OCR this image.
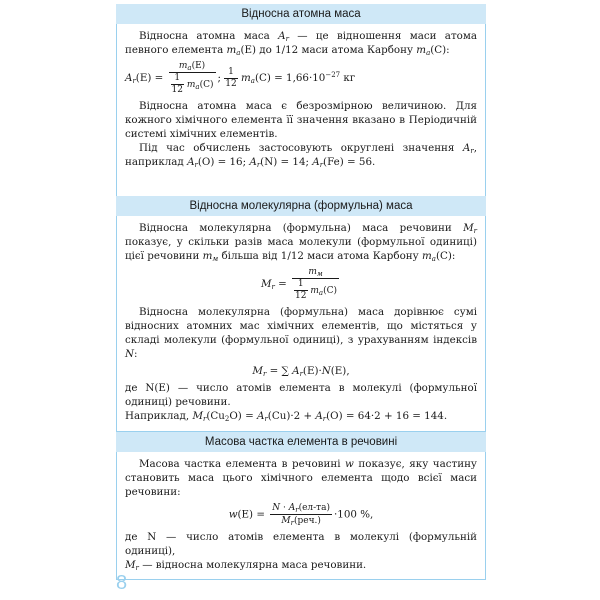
Відносна атомна маса

Відносна атомна маса $A_r$ — це відношення маси атома певного елемента $m_a(E)$ до 1/12 маси атома Карбону $m_a(C)$:

$A_r(E) = \frac{m_a(E)}{\frac{1}{12} m_a(C)}$ ; $\frac{1}{12} m_a(C) = 1,66\cdot 10^{-27}$ кг

Відносна атомна маса є безрозмірною величиною. Для кожного хімічного елемента її значення вказано в Періодичній системі хімічних елементів.

Під час обчислень застосовують округлені значення $A_r$, наприклад $A_r(O) = 16$; $A_r(N) = 14$; $A_r(Fe) = 56$.

Відносна молекулярна (формульна) маса

Відносна молекулярна (формульна) маса речовини $M_r$ показує, у скільки разів маса молекули (формульної одиниці) цієї речовини $m_м$ більша від 1/12 маси атома Карбону $m_a(C)$:

$M_r = \frac{m_м}{\frac{1}{12} m_a(C)}$

Відносна молекулярна (формульна) маса дорівнює сумі відносних атомних мас хімічних елементів, що містяться у складі молекули (формульної одиниці), з урахуванням індексів N:

$M_r$ = ∑ $A_r(E)\cdot N(E)$,

де N(E) — число атомів елемента в молекулі (формульної одиниці) речовини.

Наприклад, $M_r(Cu_2O) = A_r(Cu)\cdot 2 + A_r(O) = 64\cdot 2 + 16 = 144$.

Масова частка елемента в речовині

Масова частка елемента в речовині w показує, яку частину становить маса цього хімічного елемента щодо всієї маси речовини:

$w(E) = \frac{N \cdot A_r(ел-та)}{M_r(реч.)} \cdot 100$ %,

де N — число атомів елемента в молекулі (формульній одиниці),

$M_r$ — відносна молекулярна маса речовини.

8
